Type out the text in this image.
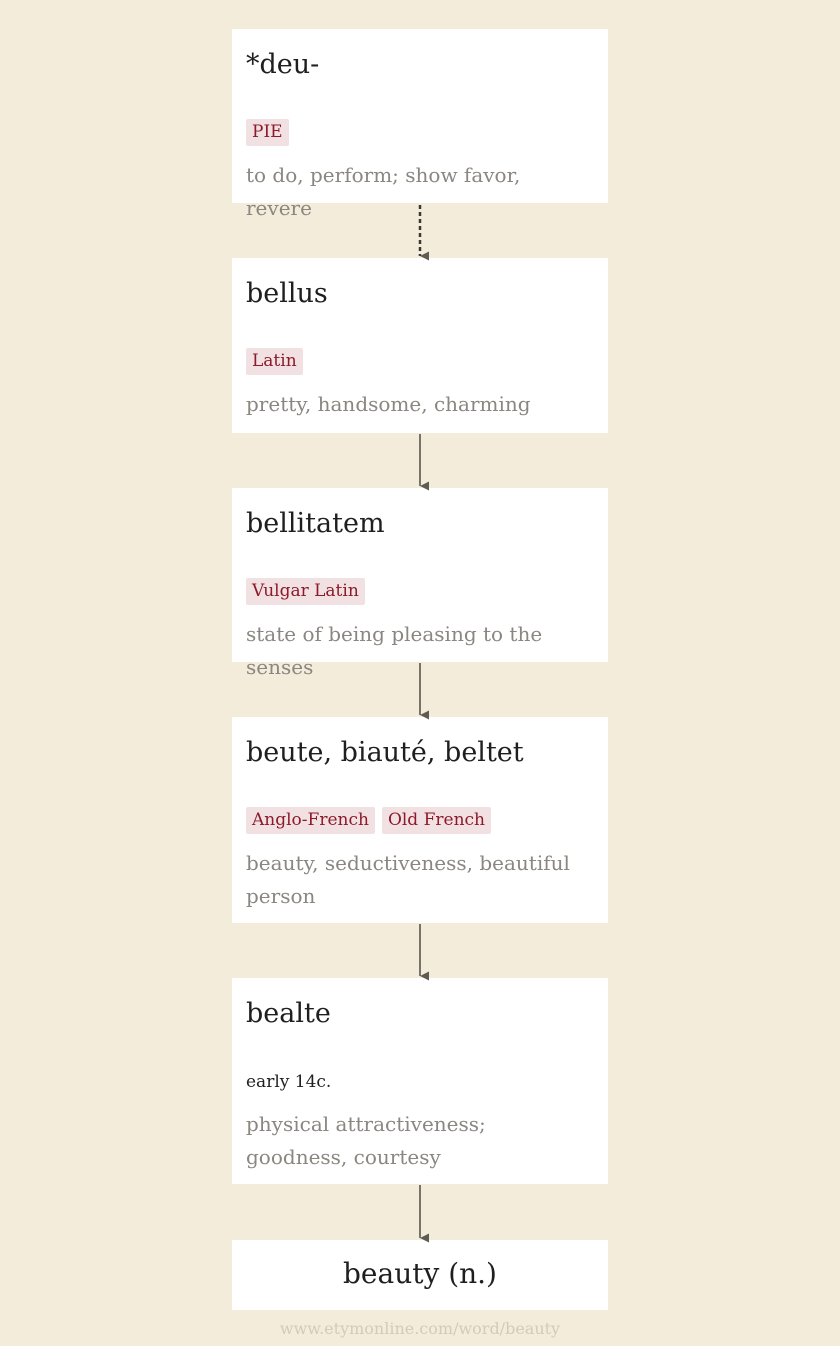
*deu-
PIE
to do, perform; show favor, revere
bellus
Latin
pretty, handsome, charming
bellitatem
Vulgar Latin
state of being pleasing to the senses
beute, biauté, beltet
Anglo-French	Old French
beauty, seductiveness, beautiful person
bealte
early 14c.
physical attractiveness; goodness, courtesy
beauty (n.)
www.etymonline.com/word/beauty
